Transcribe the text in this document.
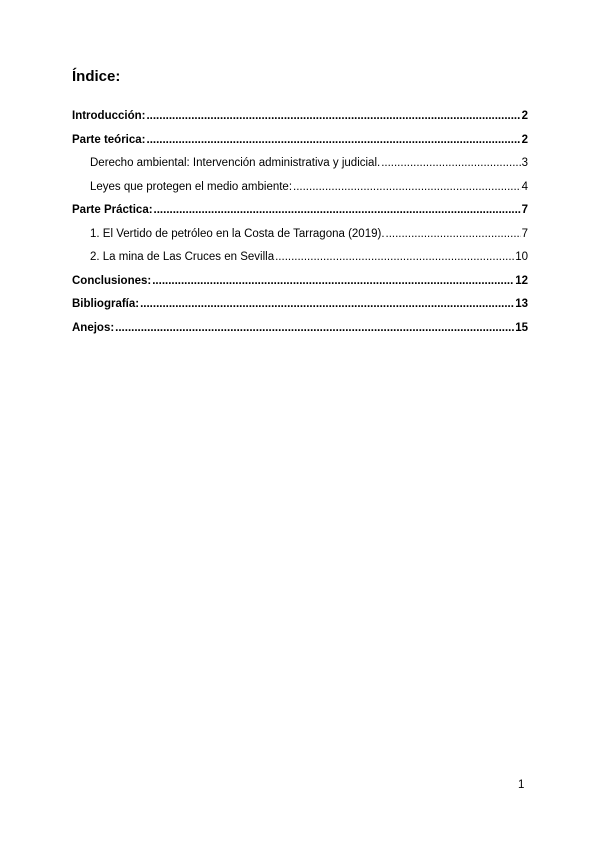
Índice:
Introducción: .....	2
Parte teórica: .....	2
Derecho ambiental: Intervención administrativa y judicial. .....	3
Leyes que protegen el medio ambiente: .....	4
Parte Práctica: .....	7
1. El Vertido de petróleo en la Costa de Tarragona (2019). .....	7
2. La mina de Las Cruces en Sevilla .....	10
Conclusiones: .....	12
Bibliografía: .....	13
Anejos: .....	15
1
